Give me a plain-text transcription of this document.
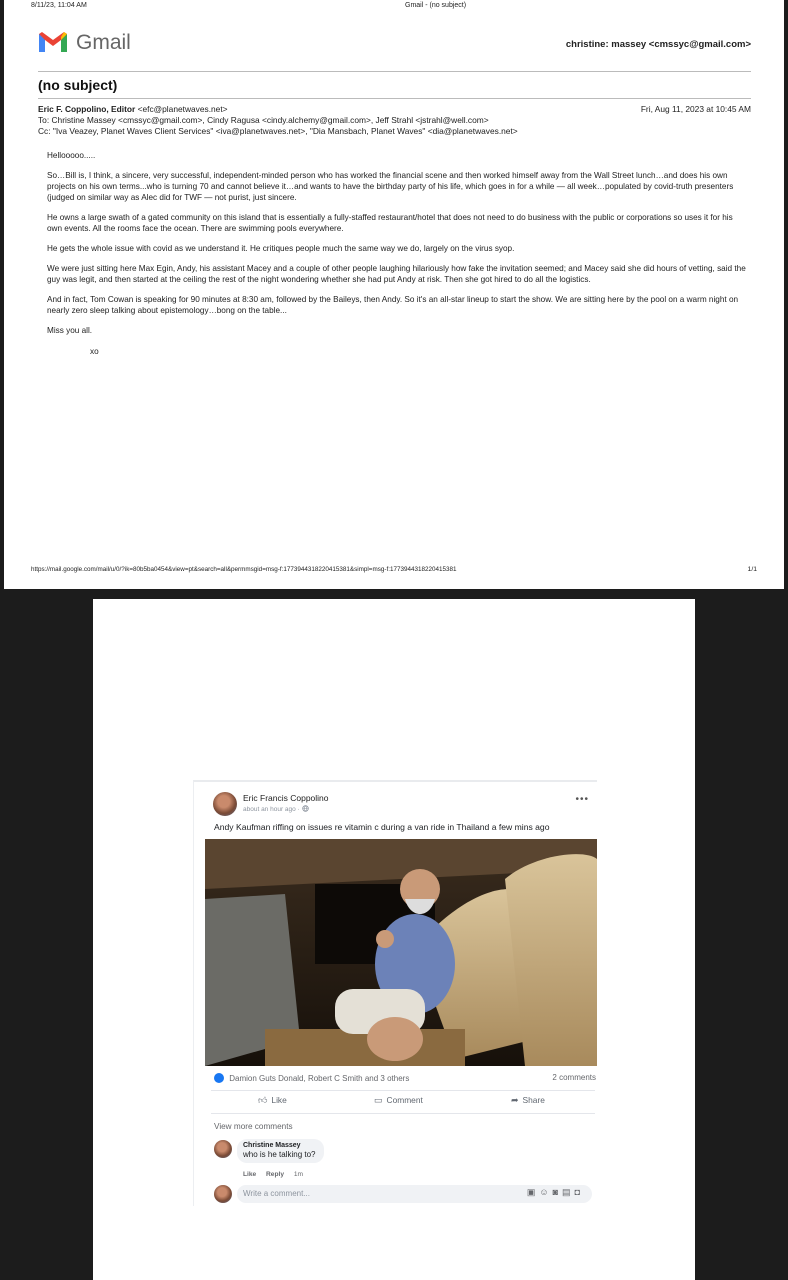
8/11/23, 11:04 AM	Gmail - (no subject)
Gmail	christine: massey <cmssyc@gmail.com>
(no subject)
Eric F. Coppolino, Editor <efc@planetwaves.net>
To: Christine Massey <cmssyc@gmail.com>, Cindy Ragusa <cindy.alchemy@gmail.com>, Jeff Strahl <jstrahl@well.com>
Cc: "Iva Veazey, Planet Waves Client Services" <iva@planetwaves.net>, "Dia Mansbach, Planet Waves" <dia@planetwaves.net>
Fri, Aug 11, 2023 at 10:45 AM

Hellooooo.....

So…Bill is, I think, a sincere, very successful, independent-minded person who has worked the financial scene and then worked himself away from the Wall Street lunch…and does his own projects on his own terms...who is turning 70 and cannot believe it…and wants to have the birthday party of his life, which goes in for a while — all week…populated by covid-truth presenters (judged on similar way as Alec did for TWF — not purist, just sincere.

He owns a large swath of a gated community on this island that is essentially a fully-staffed restaurant/hotel that does not need to do business with the public or corporations so uses it for his own events. All the rooms face the ocean. There are swimming pools everywhere.

He gets the whole issue with covid as we understand it. He critiques people much the same way we do, largely on the virus syop.

We were just sitting here Max Egin, Andy, his assistant Macey and a couple of other people laughing hilariously how fake the invitation seemed; and Macey said she did hours of vetting, said the guy was legit, and then started at the ceiling the rest of the night wondering whether she had put Andy at risk. Then she got hired to do all the logistics.

And in fact, Tom Cowan is speaking for 90 minutes at 8:30 am, followed by the Baileys, then Andy. So it's an all-star lineup to start the show. We are sitting here by the pool on a warm night on nearly zero sleep talking about epistemology…bong on the table...

Miss you all.

xo

https://mail.google.com/mail/u/0/?ik=80b5ba0454&view=pt&search=all&permmsgid=msg-f:1773944318220415381&simpl=msg-f:1773944318220415381	1/1
Eric Francis Coppolino
about an hour ago ·
•••
Andy Kaufman riffing on issues re vitamin c during a van ride in Thailand a few mins ago
Damion Guts Donald, Robert C Smith and 3 others	2 comments
👍︎ Like	▭ Comment	➦ Share
View more comments
Christine Massey
who is he talking to?
Like Reply 1m
Write a comment...	▣☺◙▤◘
